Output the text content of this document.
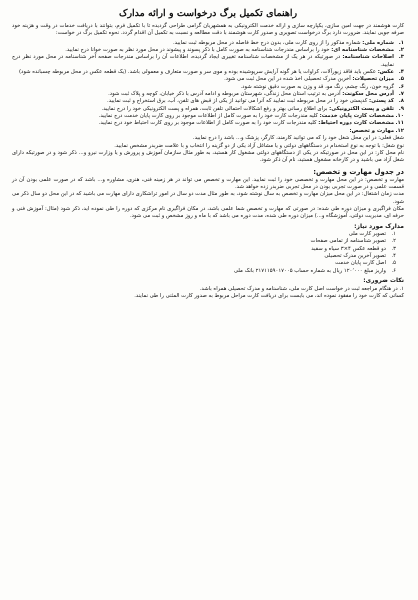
راهنمای تکمیل برگ درخواست و ارائه مدارک
کارت هوشمند در جهت امین سازی، یکپارچه سازی و ارائه خدمت الکترونیکی به همشهریان گرامی طراحی گردیده تا با تکمیل فرم، بتوانند با دریافت خدمات در وقت و هزینه خود صرفه جویی نمایند. ضرورت دارد برگ درخواست تصویری و صدور کارت هوشمند با دقت مطالعه و نسبت به تکمیل آن اقدام گردد. نحوه تکمیل برگ در خواست:
۱.
شماره ملی: شماره مذکور را از روی کارت ملی، بدون درج خط فاصله در محل مربوطه ثبت نمایید.
۲.
مشخصات شناسنامه ای: خود را براساس مندرجات شناسنامه به صورت کامل با ذکر پسوند و پیشوند در محل مورد نظر به صورت خوانا درج نمایید.
۳.
اصلاحات شناسنامه: در صورتیکه در هر یک از مشخصات شناسنامه تغییری ایجاد گردیده، اطلاعات آن را براساس مندرجات صفحه آخر شناسنامه در محل مورد نظر درج نمایید.
۴.
عکس: عکس باید فاقد زیورآلات، کراوات یا هر گونه آرایش سرپوشیده بوده و موی سر و صورت متعارف و معمولی باشد. (یک قطعه عکس در محل مربوطه چسبانده شود)
۵.
میزان تحصیلات: آخرین مدرک تحصیلی اخذ شده در این محل ثبت می شود.
۶.
گروه خون، رنگ چشم، رنگ مو، قد و وزن به صورت دقیق نوشته شود.
۷.
آدرس محل سکونت: آدرس به ترتیب استان محل زندگی، شهرستان مربوطه و ادامه آدرس با ذکر خیابان، کوچه و پلاک ثبت شود.
۸.
کد پستی: کدپستی خود را در محل مربوطه ثبت نمایید که آنرا می توانید از یکی از قبض های تلفن، آب، برق استخراج و ثبت نمایید.
۹.
تلفن و پست الکترونیکی: برای اطلاع رسانی بهتر و رفع اشکالات احتمالی تلفن ثابت، همراه و پست الکترونیکی خود را درج نمایید.
۱۰.
مشخصات کارت پایان خدمت: کلیه مندرجات کارت خود را به صورت کامل از اطلاعات موجود بر روی کارت پایان خدمت درج نمایید.
۱۱.
مشخصات کارت دوره احتیاط: کلیه مندرجات کارت خود را به صورت کامل از اطلاعات موجود بر روی کارت احتیاط خود درج نمایید.
۱۲.
مهارت و تخصص:
شغل فعلی: در این محل شغل خود را که می توانید کارمند، کارگر، پزشک و... باشد را درج نمایید.
نوع شغل: با توجه به نوع استخدام در دستگاههای دولتی و یا مشاغل آزاد یکی از دو گزینه را انتخاب و با علامت ضربدر مشخص نمایید.
نام محل کار: در این محل در صورتیکه در یکی از دستگاههای دولتی مشغول کار هستید، به طور مثال سازمان آموزش و پرورش و یا وزارت نیرو و... ذکر شود و در صورتیکه دارای شغل آزاد می باشید و در کارخانه مشغول هستید، نام آن ذکر شود.
در جدول مهارت و تخصص:
مهارت و تخصص: در این محل مهارت و تخصصی خود را ثبت نمایید. این مهارت و تخصص می تواند در هر زمینه فنی، هنری، مشاوره و... باشد که در صورت علمی بودن آن در قسمت علمی و در صورت تجربی بودن در محل تجربی ضربدر زده خواهد شد.
مدت زمان اشتغال: در این محل میزان مهارت و تخصص به سال نوشته شود، به طور مثال مدت دو سال در امور تراشکاری دارای مهارت می باشید که در این محل دو سال ذکر می شود.
مکان فراگیری و میزان دوره طی شده: در صورتی که مهارت و تخصص شما علمی باشد، در مکان فراگیری نام مرکزی که دوره را طی نموده اید، ذکر شود (مثال: آموزش فنی و حرفه ای، مدیریت دولتی، آموزشگاه و...) میزان دوره طی شده، مدت دوره می باشد که با ماه و روز مشخص و ثبت می شود.
مدارک مورد نیاز:
۱.
تصویر کارت ملی
۲.
تصویر شناسنامه از تمامی صفحات
۳.
دو قطعه عکس ۴×۳ سیاه و سفید
۴.
تصویر آخرین مدرک تحصیلی
۵.
اصل کارت پایان خدمت
۶.
واریز مبلغ ۱۲۰٬۰۰۰ ریال به شماره حساب ۲۱۷۱۱۵۹۰۱۷۰۰۵ بانک ملی
نکات ضروری:
۱. در هنگام مراجعه ثبت در خواست اصل کارت ملی، شناسنامه و مدرک تحصیلی همراه باشد.
کسانی که کارت خود را مفقود نموده اند، می بایست برای دریافت کارت مراحل مربوط به صدور کارت المثنی را طی نمایند.
